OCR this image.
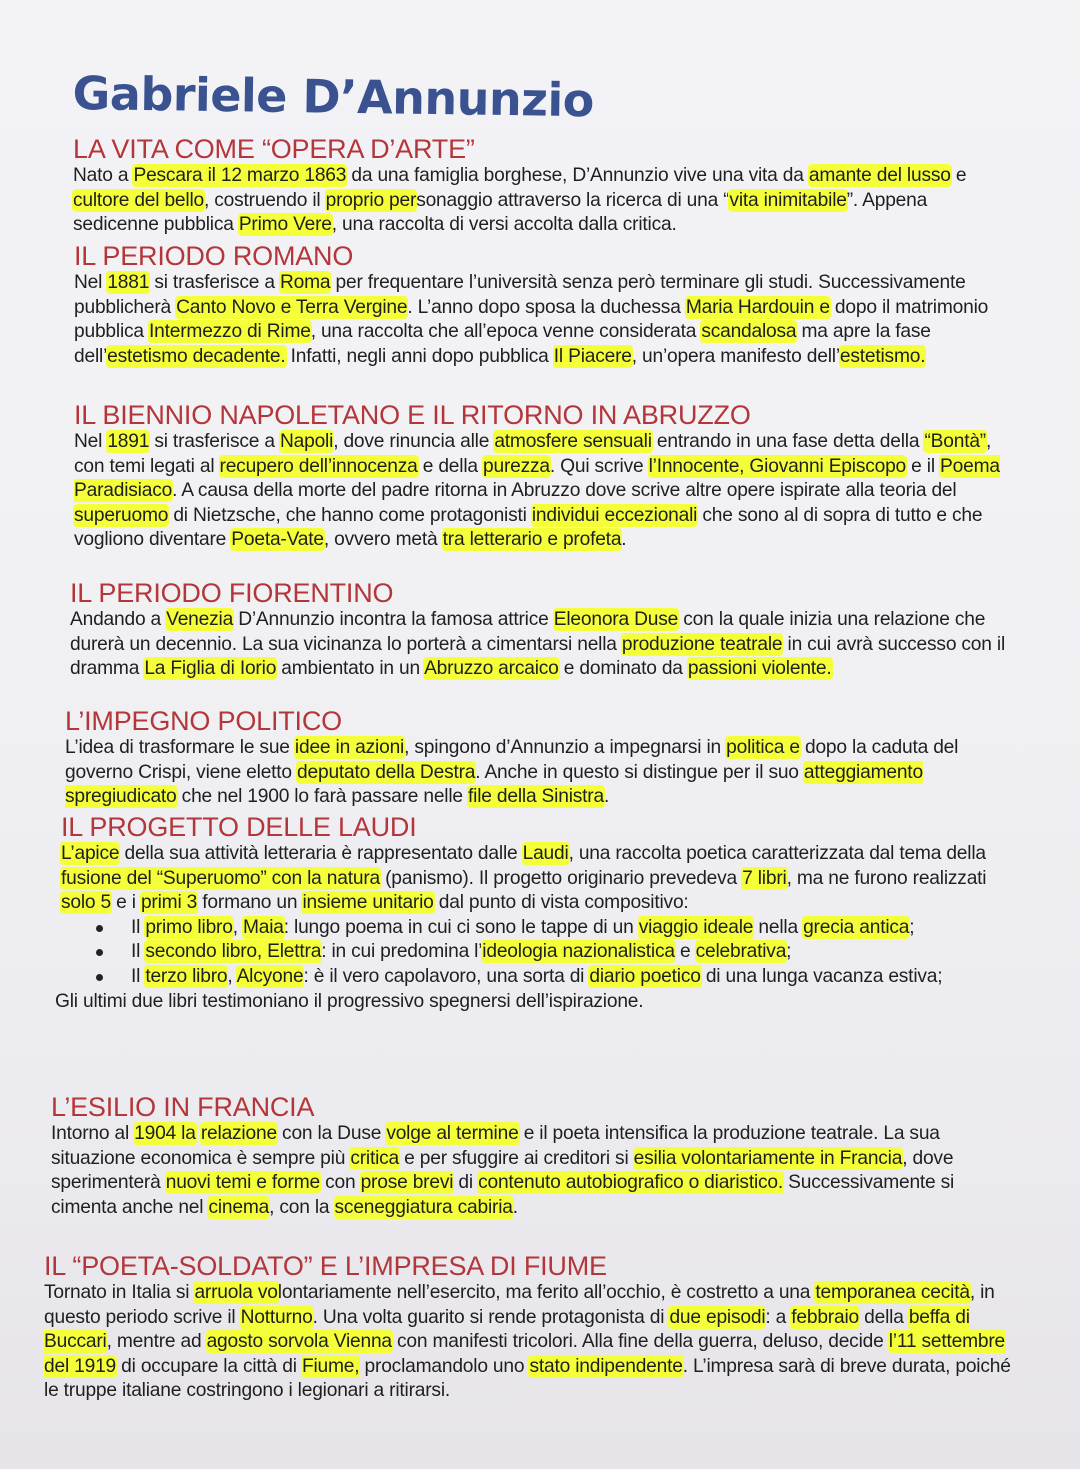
Gabriele D’Annunzio
LA VITA COME “OPERA D’ARTE”
Nato a Pescara il 12 marzo 1863 da una famiglia borghese, D’Annunzio vive una vita da amante del lusso e cultore del bello, costruendo il proprio personaggio attraverso la ricerca di una “vita inimitabile”. Appena sedicenne pubblica Primo Vere, una raccolta di versi accolta dalla critica.
IL PERIODO ROMANO
Nel 1881 si trasferisce a Roma per frequentare l’università senza però terminare gli studi. Successivamente pubblicherà Canto Novo e Terra Vergine. L’anno dopo sposa la duchessa Maria Hardouin e dopo il matrimonio pubblica Intermezzo di Rime, una raccolta che all’epoca venne considerata scandalosa ma apre la fase dell’estetismo decadente. Infatti, negli anni dopo pubblica Il Piacere, un’opera manifesto dell’estetismo.
IL BIENNIO NAPOLETANO E IL RITORNO IN ABRUZZO
Nel 1891 si trasferisce a Napoli, dove rinuncia alle atmosfere sensuali entrando in una fase detta della “Bontà”, con temi legati al recupero dell’innocenza e della purezza. Qui scrive l’Innocente, Giovanni Episcopo e il Poema Paradisiaco. A causa della morte del padre ritorna in Abruzzo dove scrive altre opere ispirate alla teoria del superuomo di Nietzsche, che hanno come protagonisti individui eccezionali che sono al di sopra di tutto e che vogliono diventare Poeta-Vate, ovvero metà tra letterario e profeta.
IL PERIODO FIORENTINO
Andando a Venezia D’Annunzio incontra la famosa attrice Eleonora Duse con la quale inizia una relazione che durerà un decennio. La sua vicinanza lo porterà a cimentarsi nella produzione teatrale in cui avrà successo con il dramma La Figlia di Iorio ambientato in un Abruzzo arcaico e dominato da passioni violente.
L’IMPEGNO POLITICO
L’idea di trasformare le sue idee in azioni, spingono d’Annunzio a impegnarsi in politica e dopo la caduta del governo Crispi, viene eletto deputato della Destra. Anche in questo si distingue per il suo atteggiamento spregiudicato che nel 1900 lo farà passare nelle file della Sinistra.
IL PROGETTO DELLE LAUDI
L’apice della sua attività letteraria è rappresentato dalle Laudi, una raccolta poetica caratterizzata dal tema della fusione del “Superuomo” con la natura (panismo). Il progetto originario prevedeva 7 libri, ma ne furono realizzati solo 5 e i primi 3 formano un insieme unitario dal punto di vista compositivo:
Il primo libro, Maia: lungo poema in cui ci sono le tappe di un viaggio ideale nella grecia antica;
Il secondo libro, Elettra: in cui predomina l’ideologia nazionalistica e celebrativa;
Il terzo libro, Alcyone: è il vero capolavoro, una sorta di diario poetico di una lunga vacanza estiva;
Gli ultimi due libri testimoniano il progressivo spegnersi dell’ispirazione.
L’ESILIO IN FRANCIA
Intorno al 1904 la relazione con la Duse volge al termine e il poeta intensifica la produzione teatrale. La sua situazione economica è sempre più critica e per sfuggire ai creditori si esilia volontariamente in Francia, dove sperimenterà nuovi temi e forme con prose brevi di contenuto autobiografico o diaristico. Successivamente si cimenta anche nel cinema, con la sceneggiatura cabiria.
IL “POETA-SOLDATO” E L’IMPRESA DI FIUME
Tornato in Italia si arruola volontariamente nell’esercito, ma ferito all’occhio, è costretto a una temporanea cecità, in questo periodo scrive il Notturno. Una volta guarito si rende protagonista di due episodi: a febbraio della beffa di Buccari, mentre ad agosto sorvola Vienna con manifesti tricolori. Alla fine della guerra, deluso, decide l’11 settembre del 1919 di occupare la città di Fiume, proclamandolo uno stato indipendente. L’impresa sarà di breve durata, poiché le truppe italiane costringono i legionari a ritirarsi.
